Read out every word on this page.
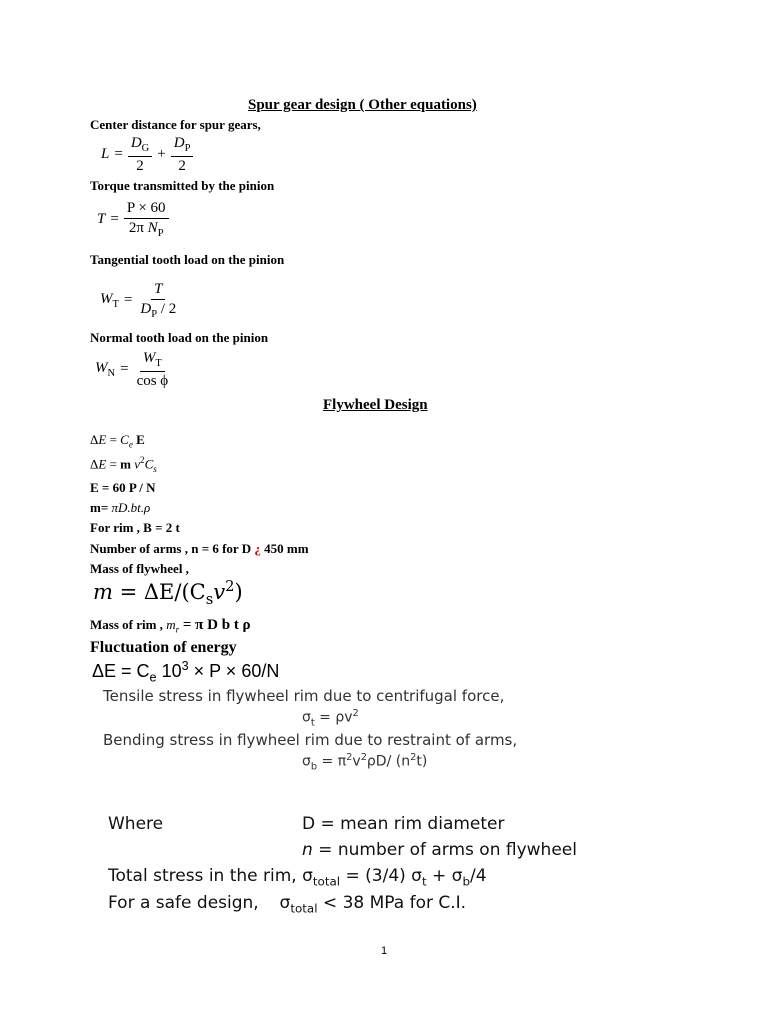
Spur gear design ( Other equations)
Center distance for spur gears,
$L = \frac{D_G}{2} + \frac{D_P}{2}$
Torque transmitted by the pinion
$T = \frac{P \times 60}{2\pi N_P}$
Tangential tooth load on the pinion
$W_T = \frac{T}{D_P / 2}$
Normal tooth load on the pinion
$W_N = \frac{W_T}{\text{cos ϕ}}$
Flywheel Design
$\Delta E = C_e$ E
ΔE = m $v^2C_s$
E = 60 P / N
m= πD.bt.ρ
For rim , B = 2 t
Number of arms , n = 6 for D ¿ 450 mm
Mass of flywheel ,
$m = \Delta E/(C_sv^2)$
Mass of rim , $m_r = \pi$ D b t ρ
Fluctuation of energy
$\Delta E = C_e$ $10^3 \times P \times 60/N$
Tensile stress in flywheel rim due to centrifugal force,
$\sigma_t = \rho v^2$
Bending stress in flywheel rim due to restraint of arms,
$\sigma_b = \pi^2v^2\rho D/$ $(n^2t)$
Where	D = mean rim diameter
n = number of arms on flywheel
Total stress in the rim, $\sigma_{total} = (3/4) \sigma_t + \sigma_b/4$
For a safe design, $\sigma_{total} < 38$ MPa for C.I.
1
